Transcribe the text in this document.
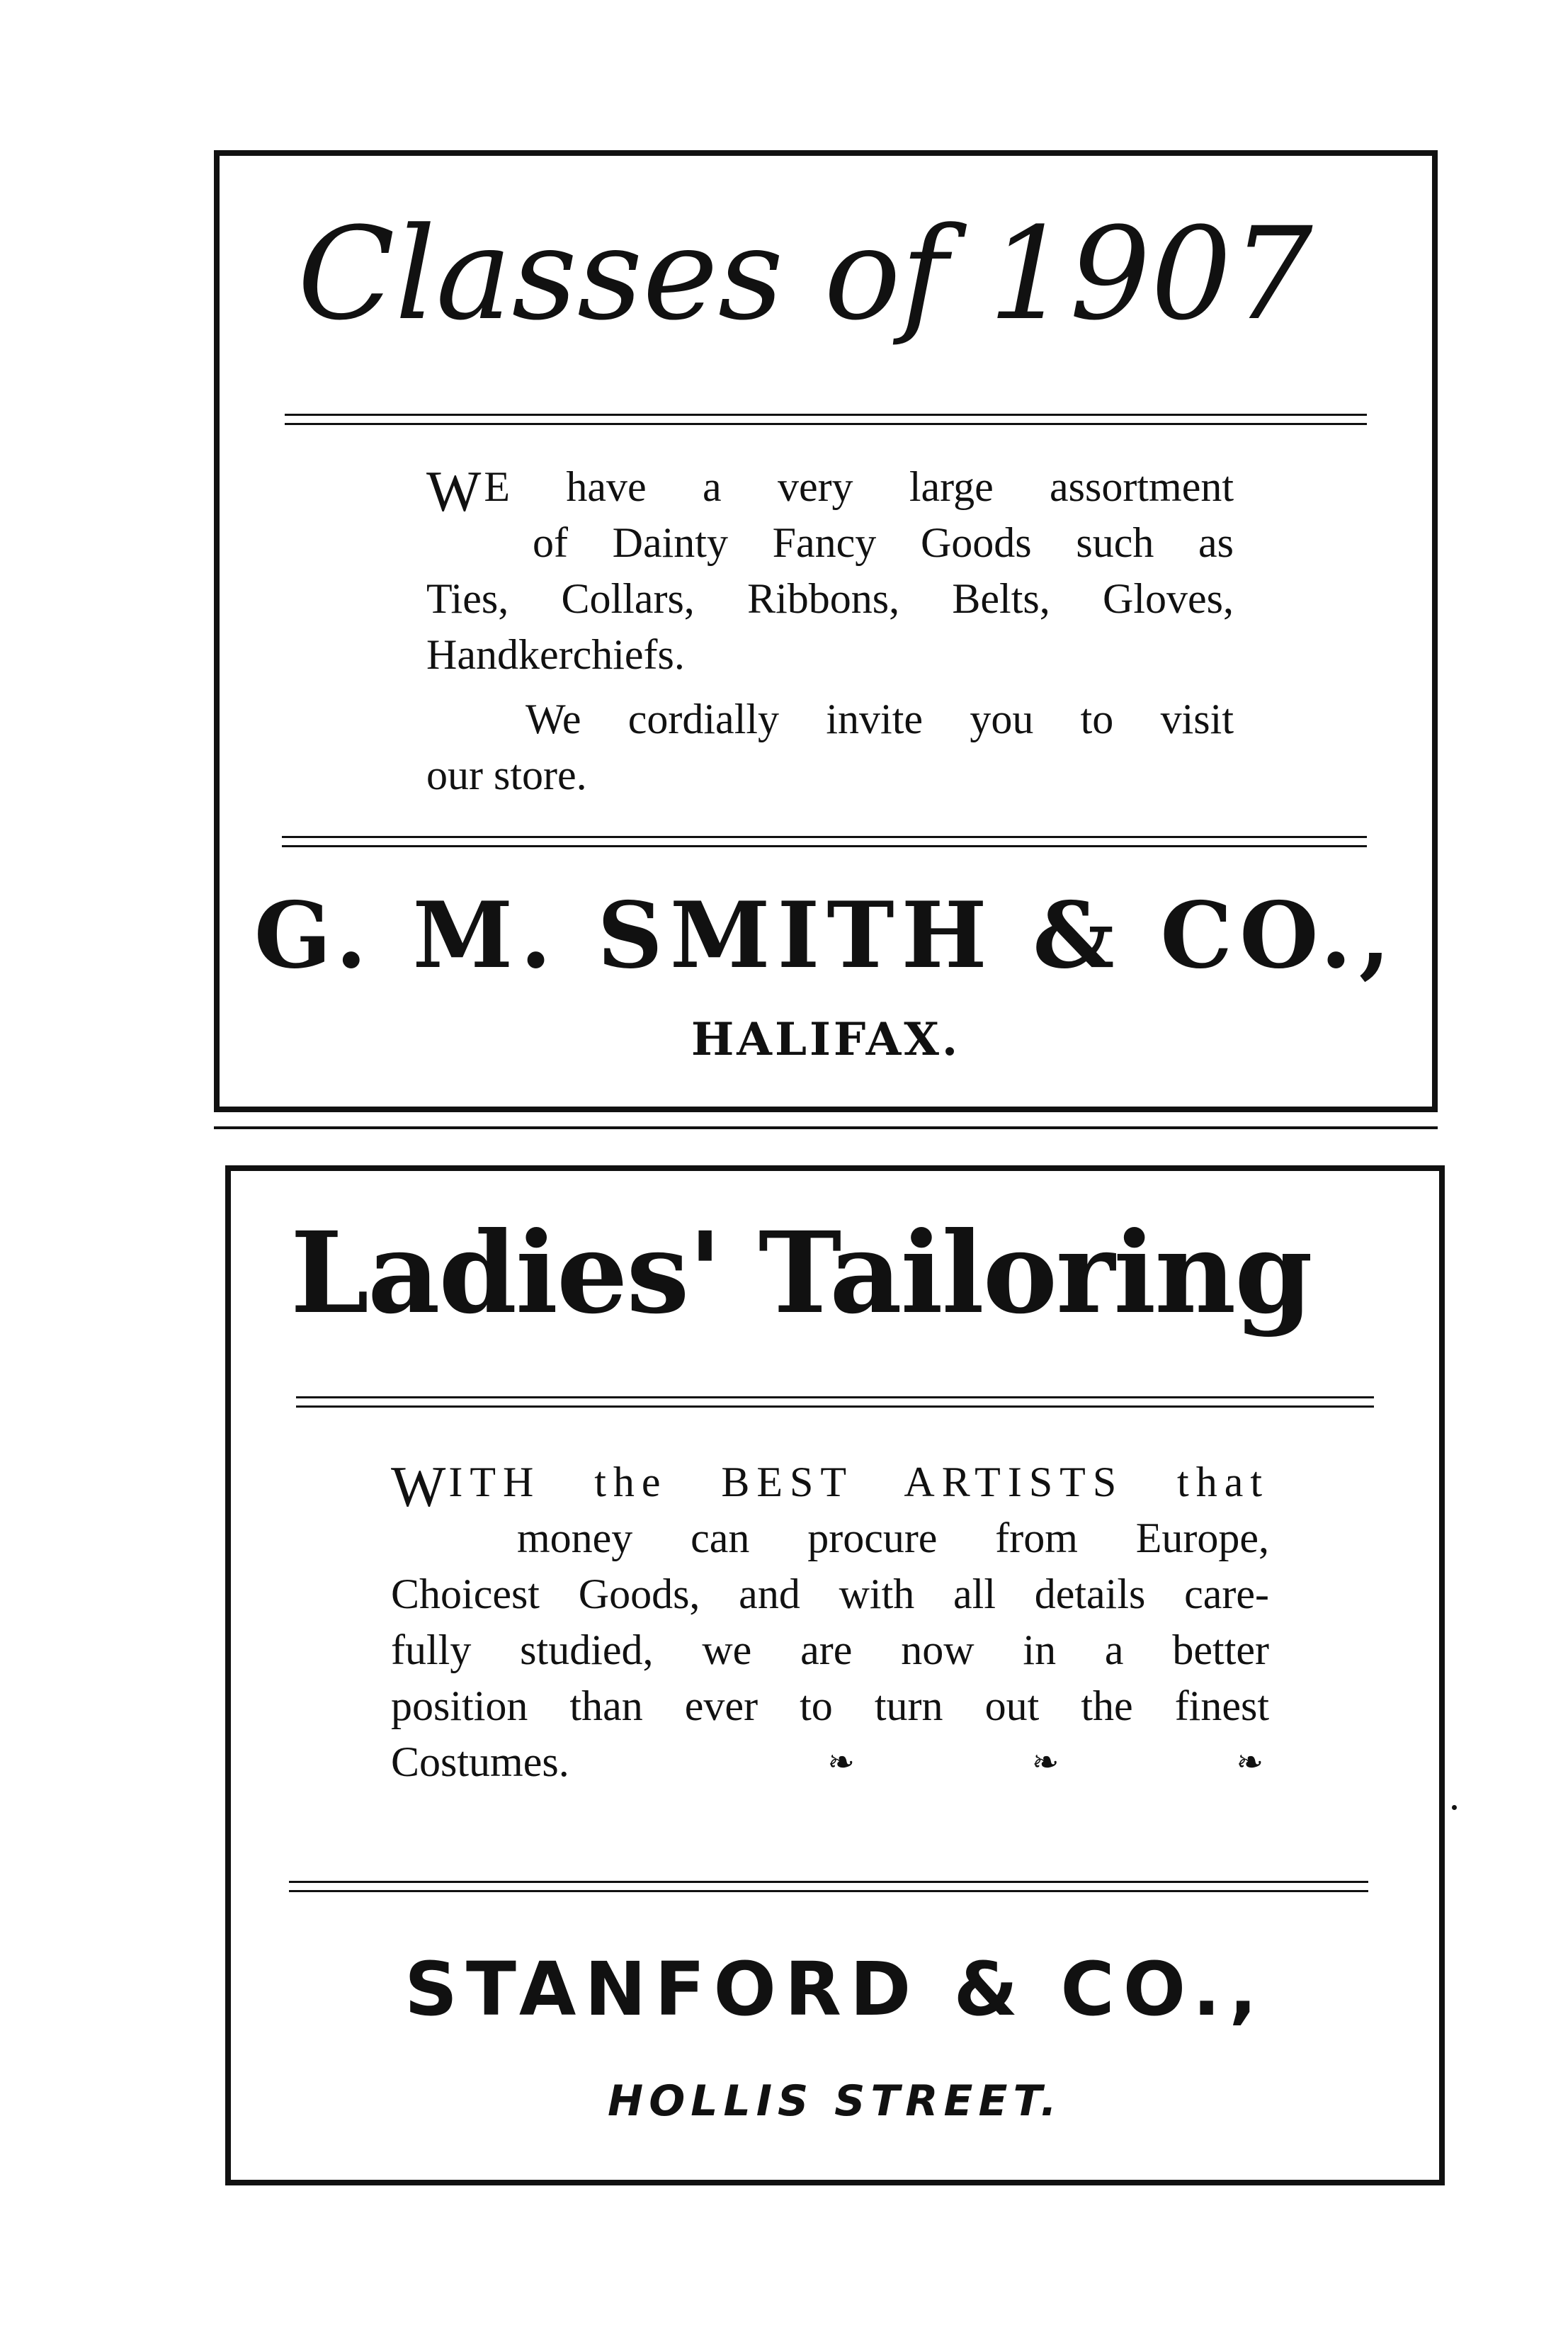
Classes of 1907
WE have a very large assortment
of Dainty Fancy Goods such as
Ties, Collars, Ribbons, Belts, Gloves,
Handkerchiefs.
We cordially invite you to visit
our store.
G. M. SMITH & CO.,

HALIFAX.

Ladies' Tailoring
WITH the BEST ARTISTS that
money can procure from Europe,
Choicest Goods, and with all details care-
fully studied, we are now in a better
position than ever to turn out the finest
Costumes.	❧	❧	❧
STANFORD & CO.,

HOLLIS STREET.
